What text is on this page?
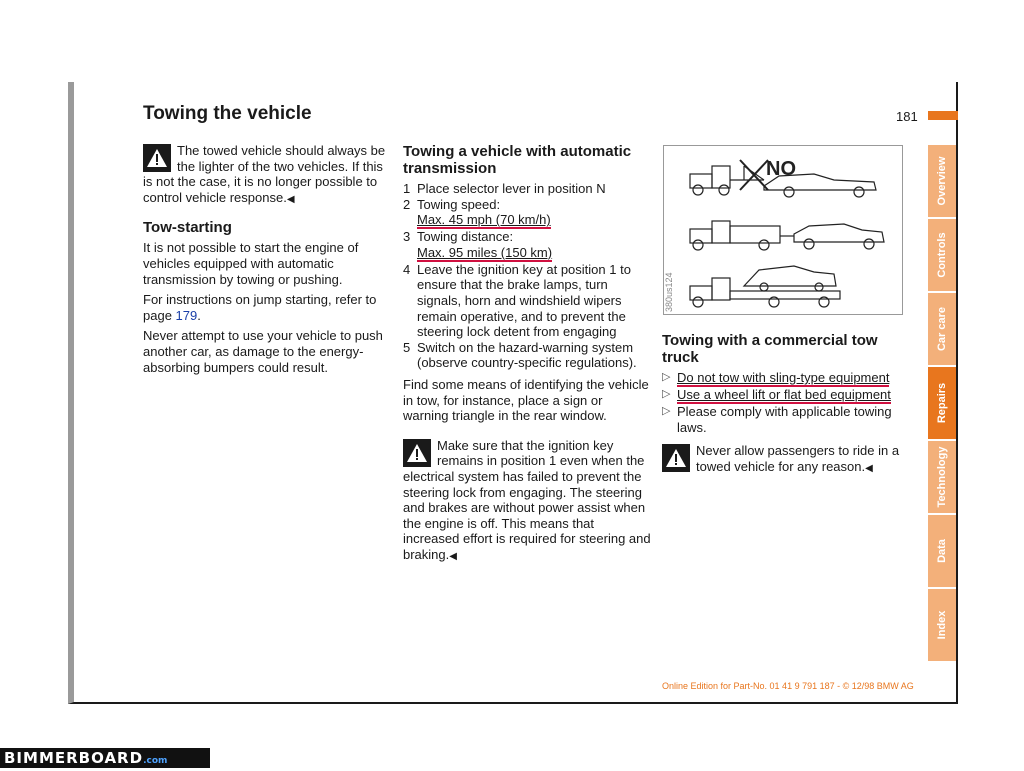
Towing the vehicle	181

The towed vehicle should always be the lighter of the two vehicles. If this is not the case, it is no longer possible to control vehicle response.◀

Tow-starting

It is not possible to start the engine of vehicles equipped with automatic transmission by towing or pushing.

For instructions on jump starting, refer to page 179.

Never attempt to use your vehicle to push another car, as damage to the energy-absorbing bumpers could result.

Towing a vehicle with automatic transmission
1 Place selector lever in position N
2 Towing speed:
Max. 45 mph (70 km/h)
3 Towing distance:
Max. 95 miles (150 km)
4 Leave the ignition key at position 1 to ensure that the brake lamps, turn signals, horn and windshield wipers remain operative, and to prevent the steering lock detent from engaging
5 Switch on the hazard-warning system (observe country-specific regulations).

Find some means of identifying the vehicle in tow, for instance, place a sign or warning triangle in the rear window.

Make sure that the ignition key remains in position 1 even when the electrical system has failed to prevent the steering lock from engaging. The steering and brakes are without power assist when the engine is off. This means that increased effort is required for steering and braking.◀

NO
380us124
Towing with a commercial tow truck
▷ Do not tow with sling-type equipment
▷ Use a wheel lift or flat bed equipment
▷ Please comply with applicable towing laws.

Never allow passengers to ride in a towed vehicle for any reason.◀

Overview
Controls
Car care
Repairs
Technology
Data
Index
Online Edition for Part-No. 01 41 9 791 187 - © 12/98 BMW AG
BIMMERBOARD.com
